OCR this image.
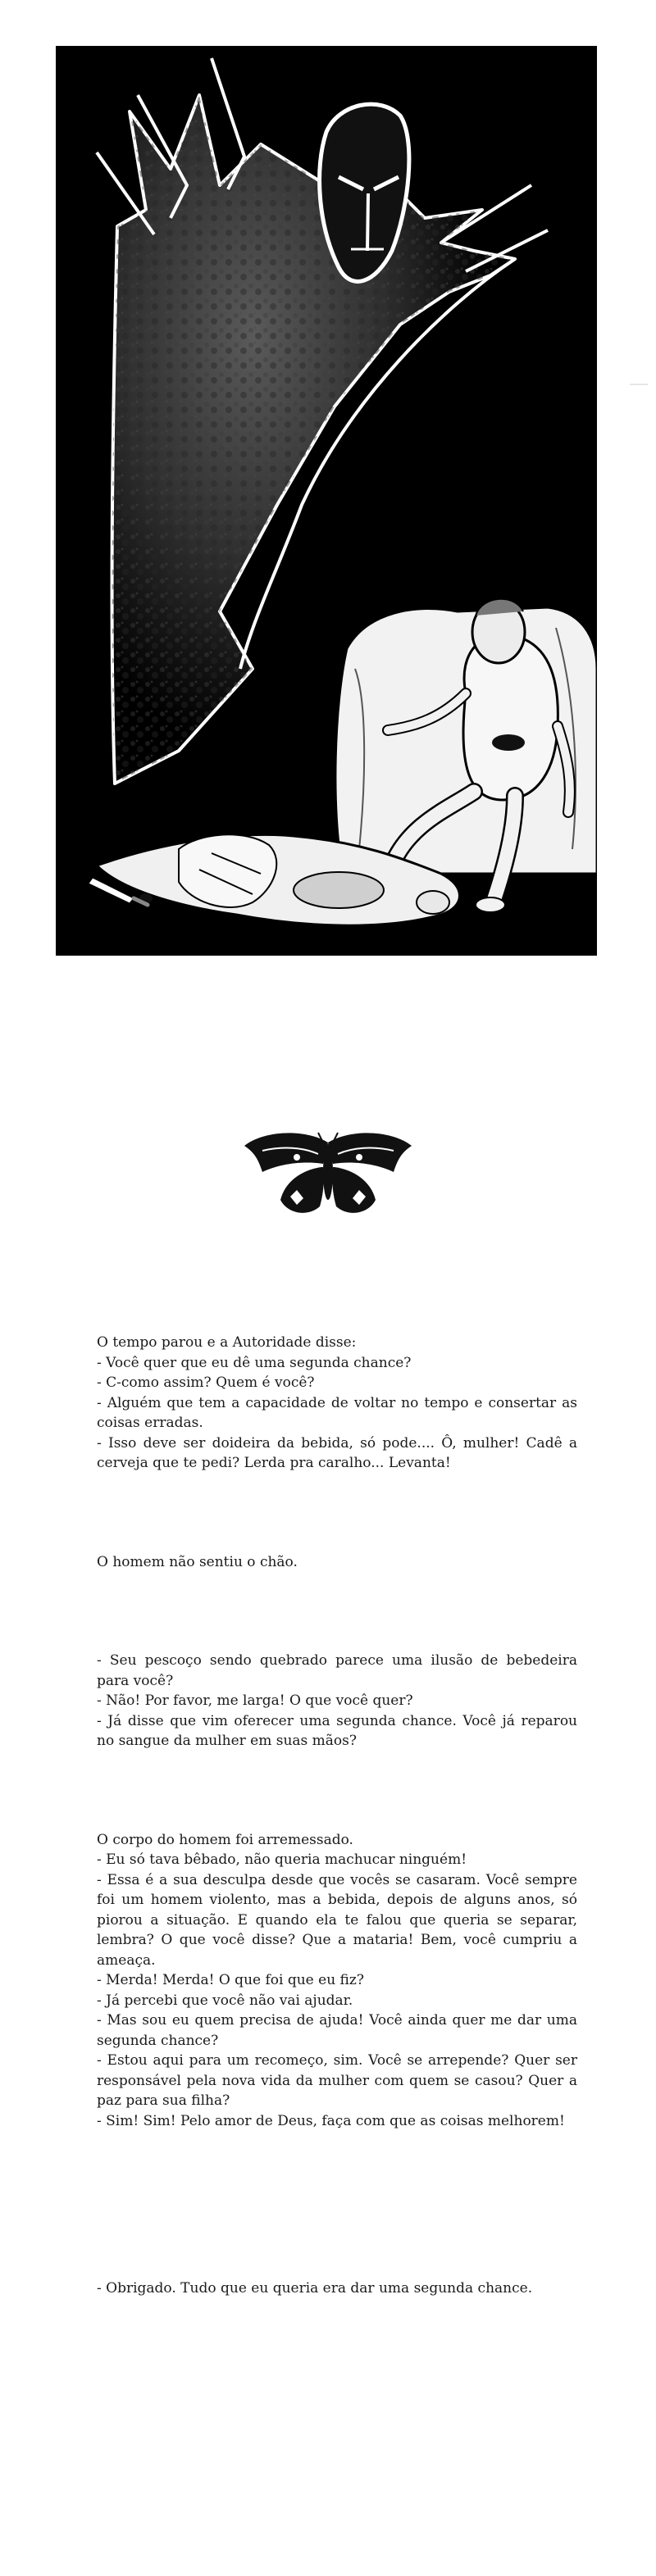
O tempo parou e a Autoridade disse:

- Você quer que eu dê uma segunda chance?

- C-como assim? Quem é você?

- Alguém que tem a capacidade de voltar no tempo e consertar as coisas erradas.

- Isso deve ser doideira da bebida, só pode.... Ô, mulher! Cadê a cerveja que te pedi? Lerda pra caralho... Levanta!

O homem não sentiu o chão.

- Seu pescoço sendo quebrado parece uma ilusão de bebedeira para você?

- Não! Por favor, me larga! O que você quer?

- Já disse que vim oferecer uma segunda chance. Você já reparou no sangue da mulher em suas mãos?

O corpo do homem foi arremessado.

- Eu só tava bêbado, não queria machucar ninguém!

- Essa é a sua desculpa desde que vocês se casaram. Você sempre foi um homem violento, mas a bebida, depois de alguns anos, só piorou a situação. E quando ela te falou que queria se separar, lembra? O que você disse? Que a mataria! Bem, você cumpriu a ameaça.

- Merda! Merda! O que foi que eu fiz?

- Já percebi que você não vai ajudar.

- Mas sou eu quem precisa de ajuda! Você ainda quer me dar uma segunda chance?

- Estou aqui para um recomeço, sim. Você se arrepende? Quer ser responsável pela nova vida da mulher com quem se casou? Quer a paz para sua filha?

- Sim! Sim! Pelo amor de Deus, faça com que as coisas melhorem!

- Obrigado. Tudo que eu queria era dar uma segunda chance.
